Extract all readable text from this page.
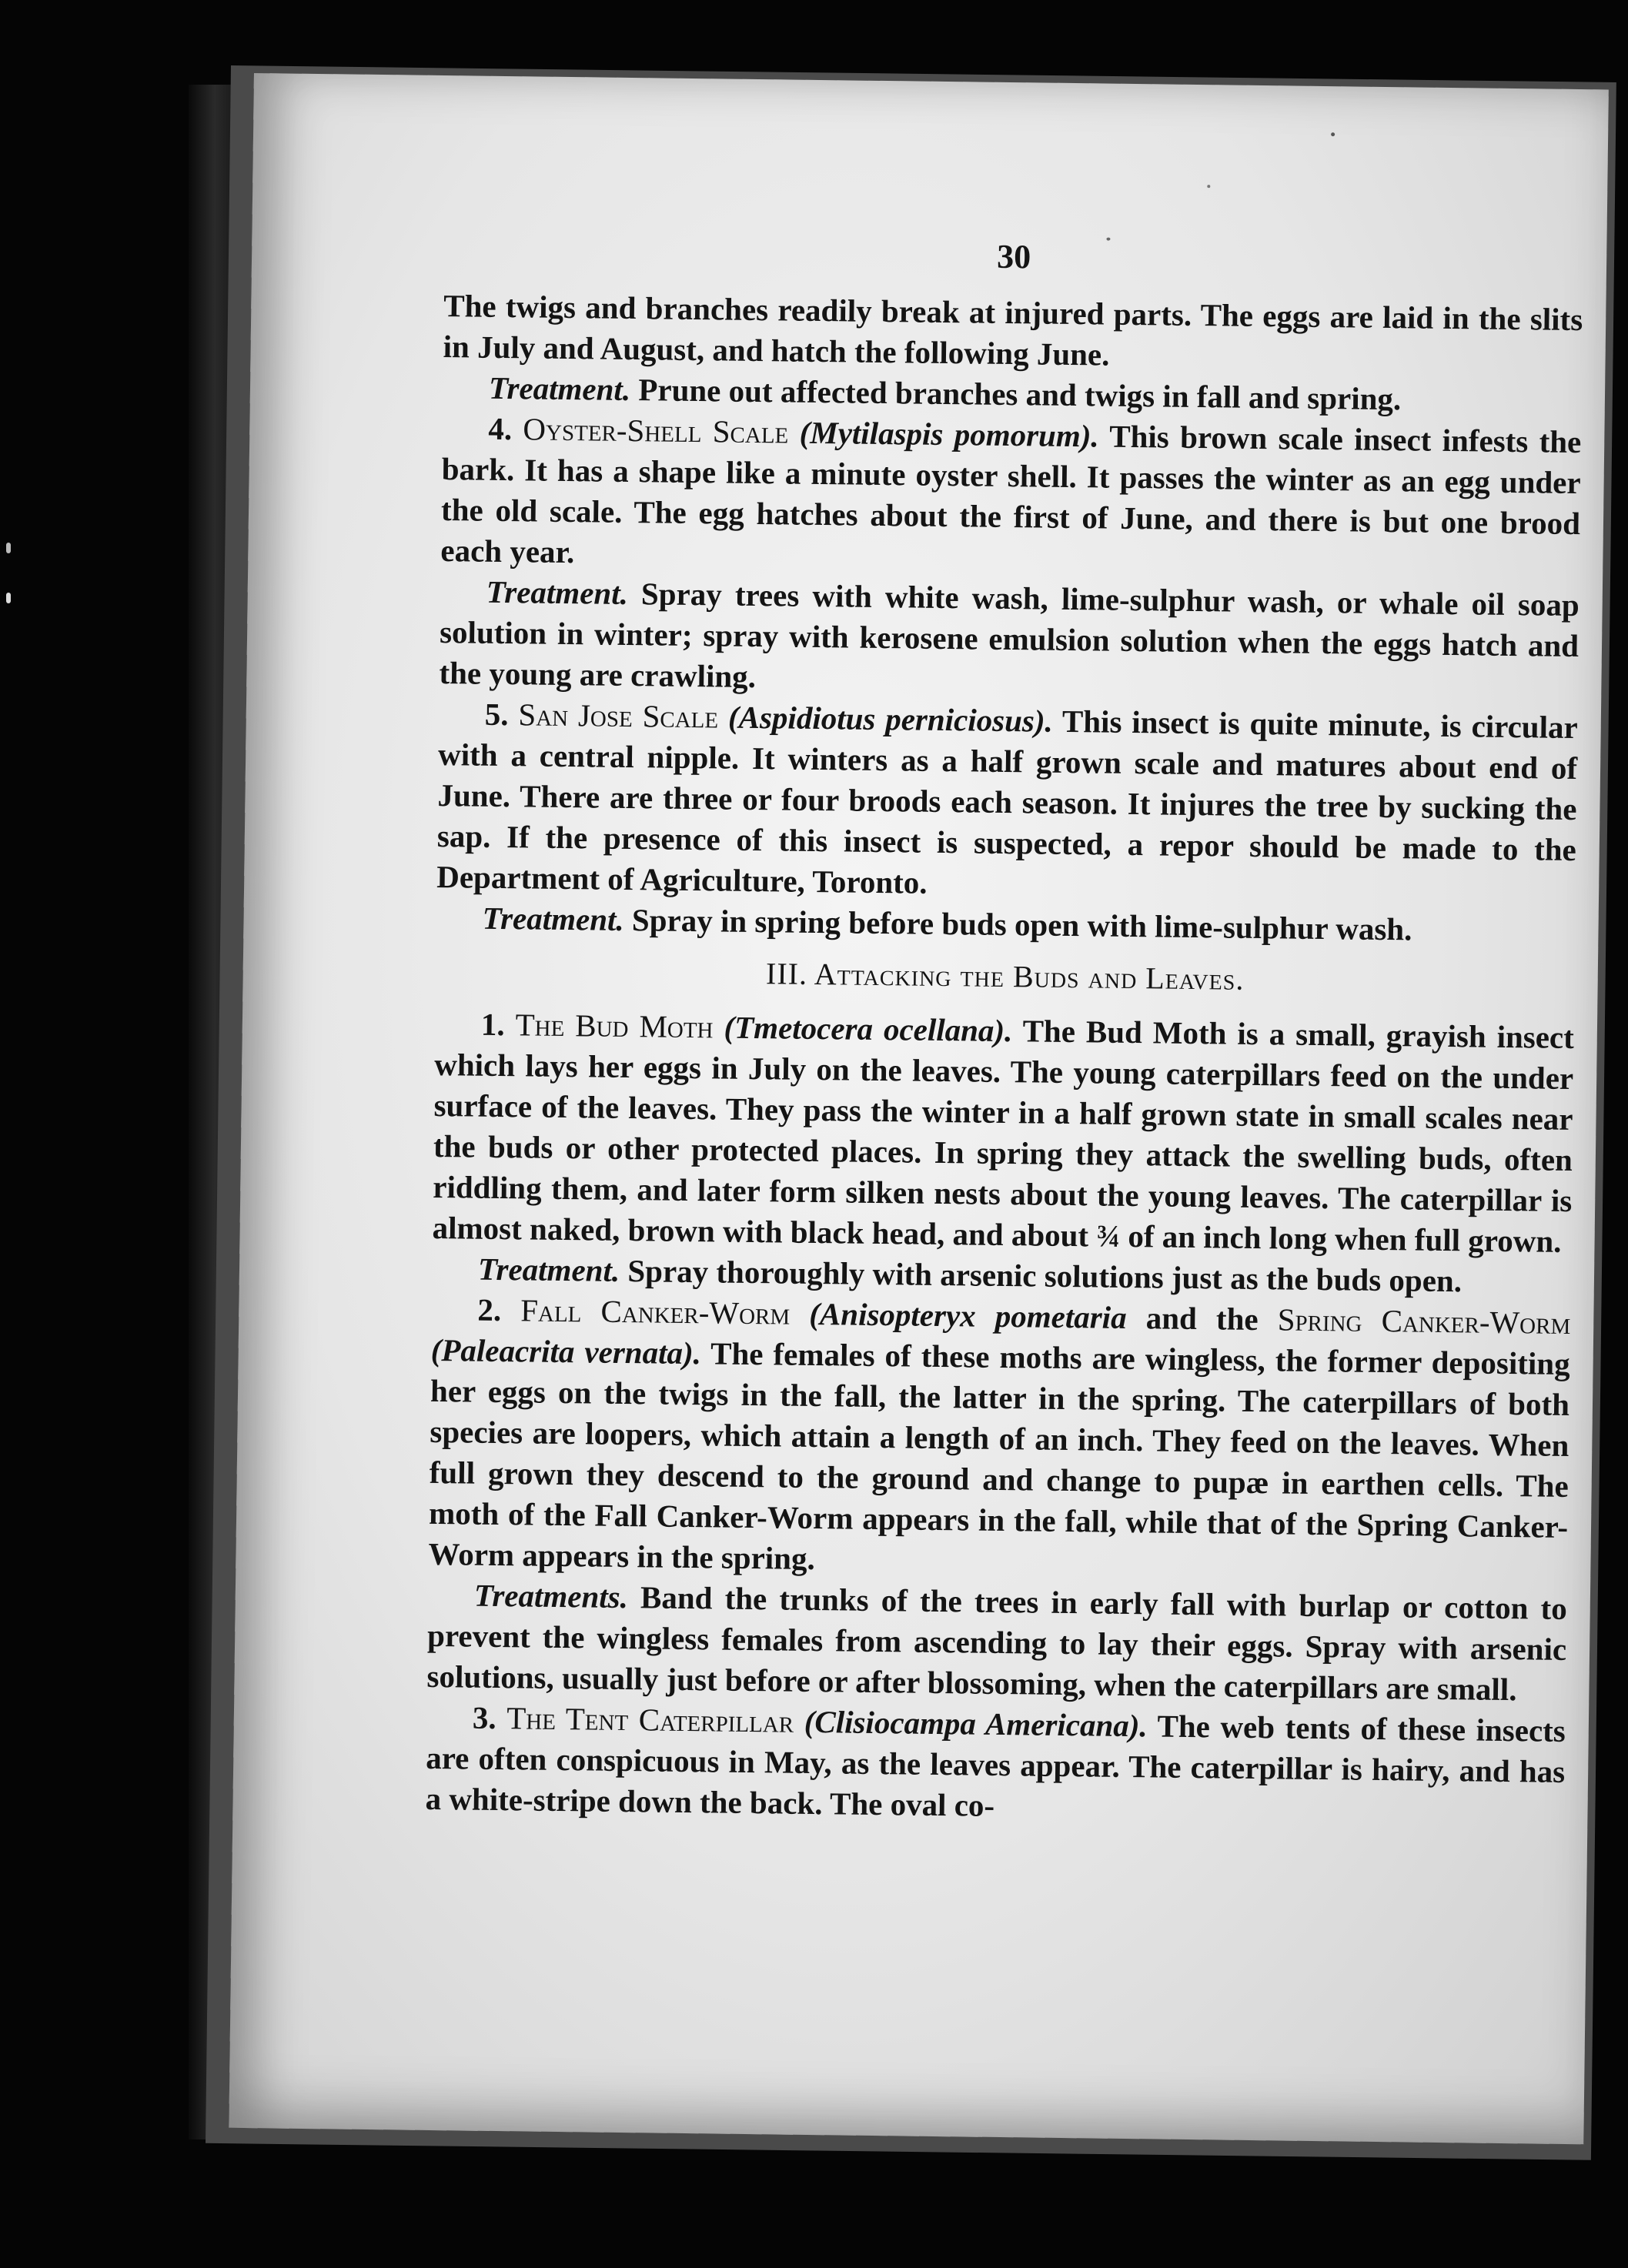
30

The twigs and branches readily break at injured parts. The eggs are laid in the slits in July and August, and hatch the following June.

Treatment. Prune out affected branches and twigs in fall and spring.

4. Oyster-Shell Scale (Mytilaspis pomorum). This brown scale insect infests the bark. It has a shape like a minute oyster shell. It passes the winter as an egg under the old scale. The egg hatches about the first of June, and there is but one brood each year.

Treatment. Spray trees with white wash, lime-sulphur wash, or whale oil soap solution in winter; spray with kerosene emulsion solution when the eggs hatch and the young are crawling.

5. San Jose Scale (Aspidiotus perniciosus). This insect is quite minute, is circular with a central nipple. It winters as a half grown scale and matures about end of June. There are three or four broods each season. It injures the tree by sucking the sap. If the presence of this insect is suspected, a repor should be made to the Department of Agriculture, Toronto.

Treatment. Spray in spring before buds open with lime-sulphur wash.

III. Attacking the Buds and Leaves.

1. The Bud Moth (Tmetocera ocellana). The Bud Moth is a small, grayish insect which lays her eggs in July on the leaves. The young caterpillars feed on the under surface of the leaves. They pass the winter in a half grown state in small scales near the buds or other protected places. In spring they attack the swelling buds, often riddling them, and later form silken nests about the young leaves. The caterpillar is almost naked, brown with black head, and about ¾ of an inch long when full grown.

Treatment. Spray thoroughly with arsenic solutions just as the buds open.

2. Fall Canker-Worm (Anisopteryx pometaria and the Spring Canker-Worm (Paleacrita vernata). The females of these moths are wingless, the former depositing her eggs on the twigs in the fall, the latter in the spring. The caterpillars of both species are loopers, which attain a length of an inch. They feed on the leaves. When full grown they descend to the ground and change to pupæ in earthen cells. The moth of the Fall Canker-Worm appears in the fall, while that of the Spring Canker-Worm appears in the spring.

Treatments. Band the trunks of the trees in early fall with burlap or cotton to prevent the wingless females from ascending to lay their eggs. Spray with arsenic solutions, usually just before or after blossoming, when the caterpillars are small.

3. The Tent Caterpillar (Clisiocampa Americana). The web tents of these insects are often conspicuous in May, as the leaves appear. The caterpillar is hairy, and has a white-stripe down the back. The oval co-
